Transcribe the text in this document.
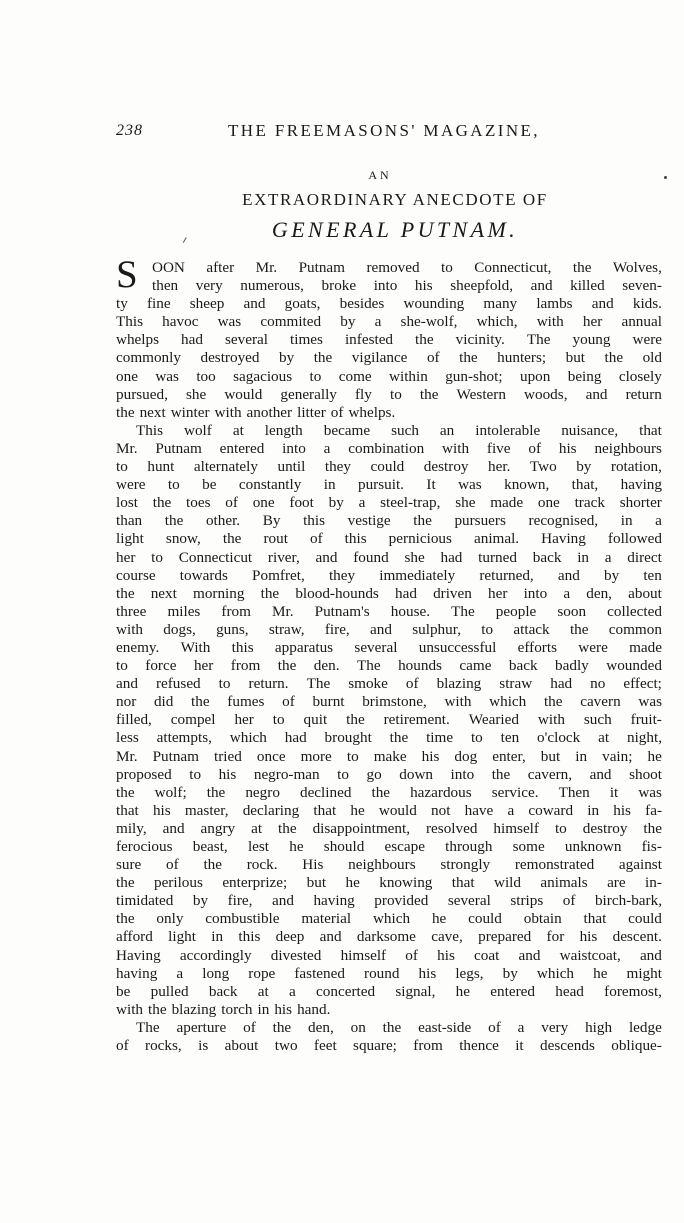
238	THE FREEMASONS' MAGAZINE,
AN
EXTRAORDINARY ANECDOTE OF
GENERAL PUTNAM.
S OON after Mr. Putnam removed to Connecticut, the Wolves,
then very numerous, broke into his sheepfold, and killed seven-
ty fine sheep and goats, besides wounding many lambs and kids.
This havoc was commited by a she-wolf, which, with her annual
whelps had several times infested the vicinity. The young were
commonly destroyed by the vigilance of the hunters; but the old
one was too sagacious to come within gun-shot; upon being closely
pursued, she would generally fly to the Western woods, and return
the next winter with another litter of whelps.
This wolf at length became such an intolerable nuisance, that
Mr. Putnam entered into a combination with five of his neighbours
to hunt alternately until they could destroy her. Two by rotation,
were to be constantly in pursuit. It was known, that, having
lost the toes of one foot by a steel-trap, she made one track shorter
than the other. By this vestige the pursuers recognised, in a
light snow, the rout of this pernicious animal. Having followed
her to Connecticut river, and found she had turned back in a direct
course towards Pomfret, they immediately returned, and by ten
the next morning the blood-hounds had driven her into a den, about
three miles from Mr. Putnam's house. The people soon collected
with dogs, guns, straw, fire, and sulphur, to attack the common
enemy. With this apparatus several unsuccessful efforts were made
to force her from the den. The hounds came back badly wounded
and refused to return. The smoke of blazing straw had no effect;
nor did the fumes of burnt brimstone, with which the cavern was
filled, compel her to quit the retirement. Wearied with such fruit-
less attempts, which had brought the time to ten o'clock at night,
Mr. Putnam tried once more to make his dog enter, but in vain; he
proposed to his negro-man to go down into the cavern, and shoot
the wolf; the negro declined the hazardous service. Then it was
that his master, declaring that he would not have a coward in his fa-
mily, and angry at the disappointment, resolved himself to destroy the
ferocious beast, lest he should escape through some unknown fis-
sure of the rock. His neighbours strongly remonstrated against
the perilous enterprize; but he knowing that wild animals are in-
timidated by fire, and having provided several strips of birch-bark,
the only combustible material which he could obtain that could
afford light in this deep and darksome cave, prepared for his descent.
Having accordingly divested himself of his coat and waistcoat, and
having a long rope fastened round his legs, by which he might
be pulled back at a concerted signal, he entered head foremost,
with the blazing torch in his hand.
The aperture of the den, on the east-side of a very high ledge
of rocks, is about two feet square; from thence it descends oblique-
